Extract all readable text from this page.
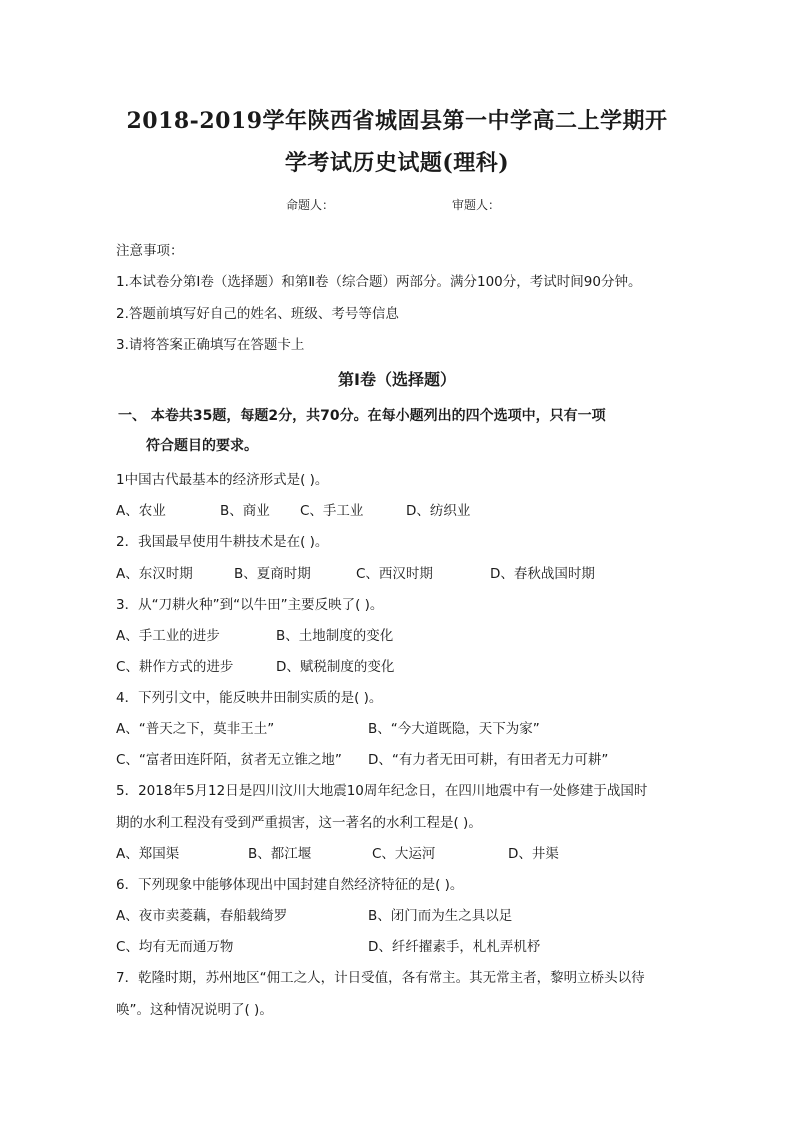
2018-2019学年陕西省城固县第一中学高二上学期开
学考试历史试题(理科)
命题人：	审题人：
注意事项：
1.本试卷分第Ⅰ卷（选择题）和第Ⅱ卷（综合题）两部分。满分100分，考试时间90分钟。
2.答题前填写好自己的姓名、班级、考号等信息
3.请将答案正确填写在答题卡上
第Ⅰ卷（选择题）
一、 本卷共35题，每题2分，共70分。在每小题列出的四个选项中，只有一项
符合题目的要求。
1中国古代最基本的经济形式是( )。
A、农业	B、商业 C、手工业	D、纺织业
2．我国最早使用牛耕技术是在( )。
A、东汉时期	B、夏商时期	C、西汉时期	D、春秋战国时期
3．从“刀耕火种”到“以牛田”主要反映了( )。
A、手工业的进步	B、土地制度的变化
C、耕作方式的进步	D、赋税制度的变化
4．下列引文中，能反映井田制实质的是( )。
A、“普天之下，莫非王土”	B、“今大道既隐，天下为家”
C、“富者田连阡陌，贫者无立锥之地” D、“有力者无田可耕，有田者无力可耕”
5．2018年5月12日是四川汶川大地震10周年纪念日，在四川地震中有一处修建于战国时
期的水利工程没有受到严重损害，这一著名的水利工程是( )。
A、郑国渠	B、都江堰	C、大运河	D、井渠
6．下列现象中能够体现出中国封建自然经济特征的是( )。
A、夜市卖菱藕，春船载绮罗	B、闭门而为生之具以足
C、均有无而通万物	D、纤纤擢素手，札札弄机杼
7．乾隆时期，苏州地区“佣工之人，计日受值，各有常主。其无常主者，黎明立桥头以待
唤”。这种情况说明了( )。
